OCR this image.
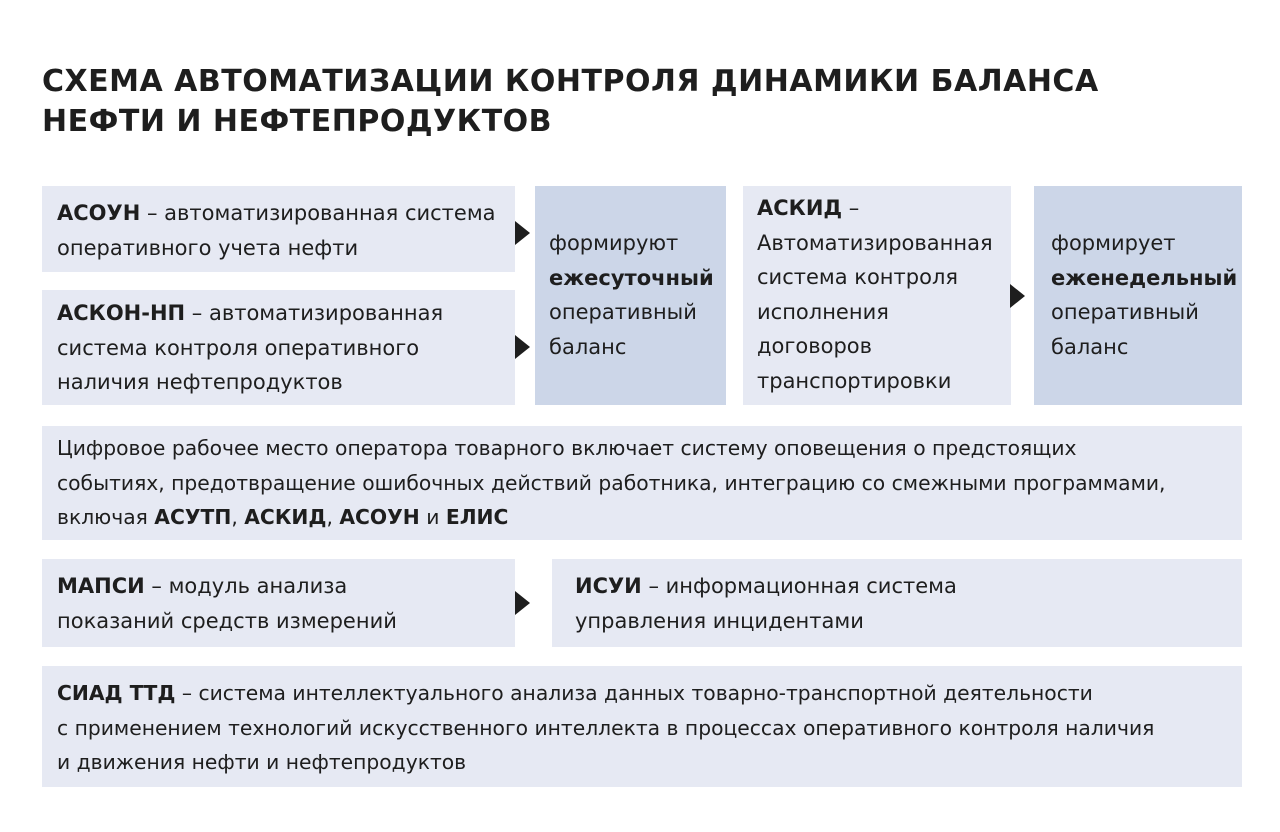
СХЕМА АВТОМАТИЗАЦИИ КОНТРОЛЯ ДИНАМИКИ БАЛАНСА
НЕФТИ И НЕФТЕПРОДУКТОВ
АСОУН – автоматизированная система
оперативного учета нефти
АСКОН-НП – автоматизированная
система контроля оперативного
наличия нефтепродуктов
формируют
ежесуточный
оперативный
баланс
АСКИД –
Автоматизированная
система контроля
исполнения
договоров
транспортировки
формирует
еженедельный
оперативный
баланс
Цифровое рабочее место оператора товарного включает систему оповещения о предстоящих
событиях, предотвращение ошибочных действий работника, интеграцию со смежными программами,
включая АСУТП, АСКИД, АСОУН и ЕЛИС
МАПСИ – модуль анализа
показаний средств измерений
ИСУИ – информационная система
управления инцидентами
СИАД ТТД – система интеллектуального анализа данных товарно-транспортной деятельности
с применением технологий искусственного интеллекта в процессах оперативного контроля наличия
и движения нефти и нефтепродуктов
